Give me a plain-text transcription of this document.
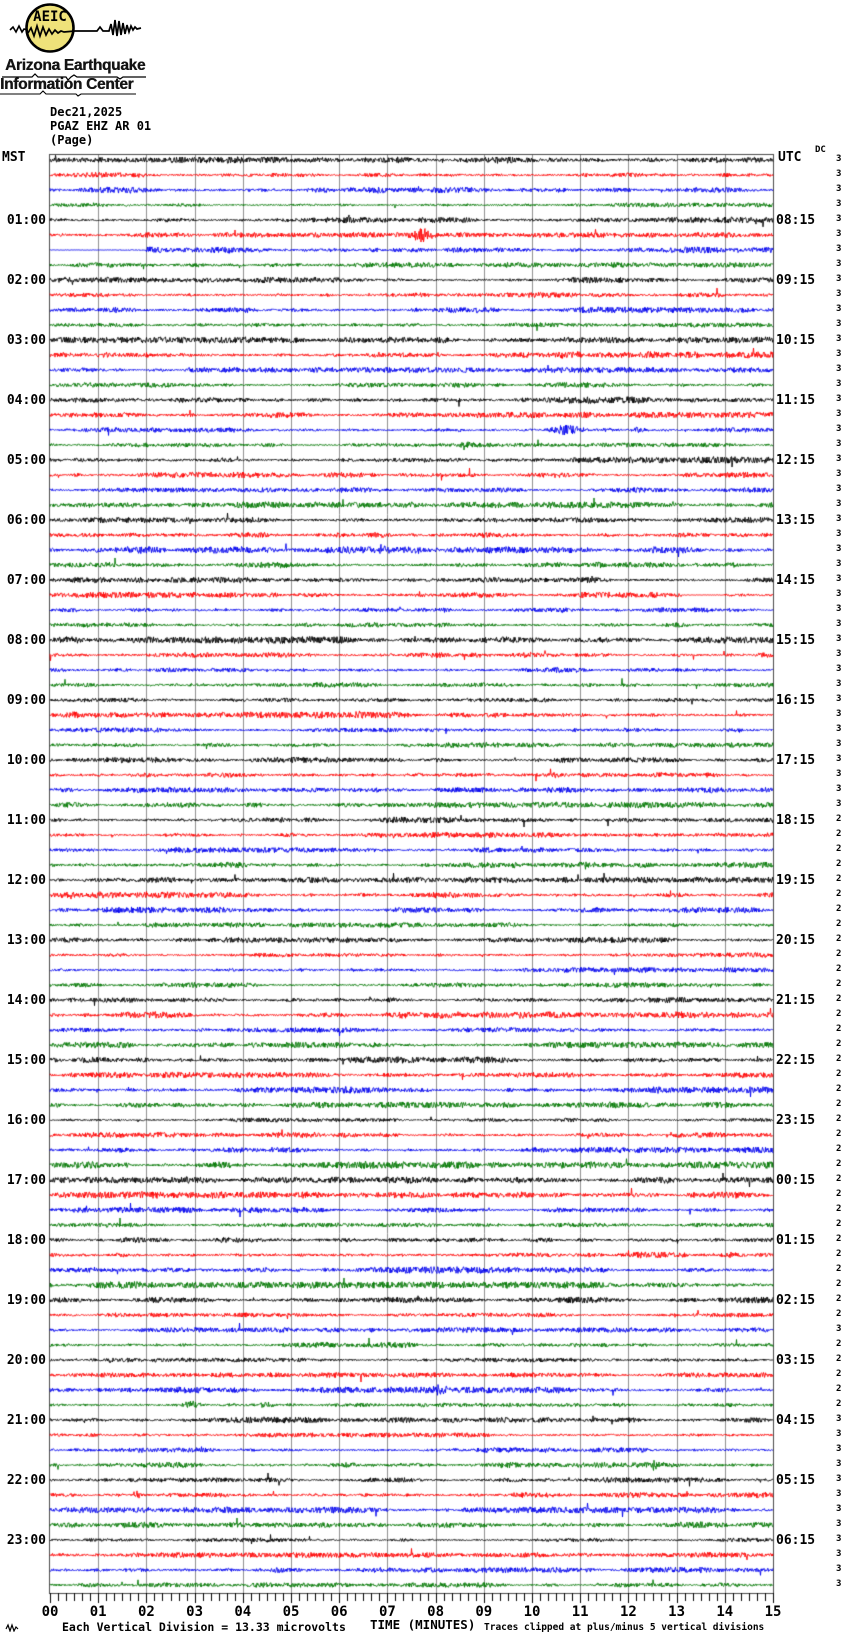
01:00
02:00
03:00
04:00
05:00
06:00
07:00
08:00
09:00
10:00
11:00
12:00
13:00
14:00
15:00
16:00
17:00
18:00
19:00
20:00
21:00
22:00
23:00
08:15
09:15
10:15
11:15
12:15
13:15
14:15
15:15
16:15
17:15
18:15
19:15
20:15
21:15
22:15
23:15
00:15
01:15
02:15
03:15
04:15
05:15
06:15
3
3
3
3
3
3
3
3
3
3
3
3
3
3
3
3
3
3
3
3
3
3
3
3
3
3
3
3
3
3
3
3
3
3
3
3
3
3
3
3
3
3
3
3
2
2
2
2
2
2
2
2
2
2
2
2
2
2
2
2
2
2
2
2
2
2
2
2
2
2
2
2
2
2
2
2
2
2
3
2
2
2
2
2
3
3
3
3
3
3
3
3
3
3
3
3
00	01	02	03	04	05	06	07	08	09	10	11	12	13	14	15
Each Vertical Division = 13.33 microvolts TIME (MINUTES) Traces clipped at plus/minus 5 vertical divisions
